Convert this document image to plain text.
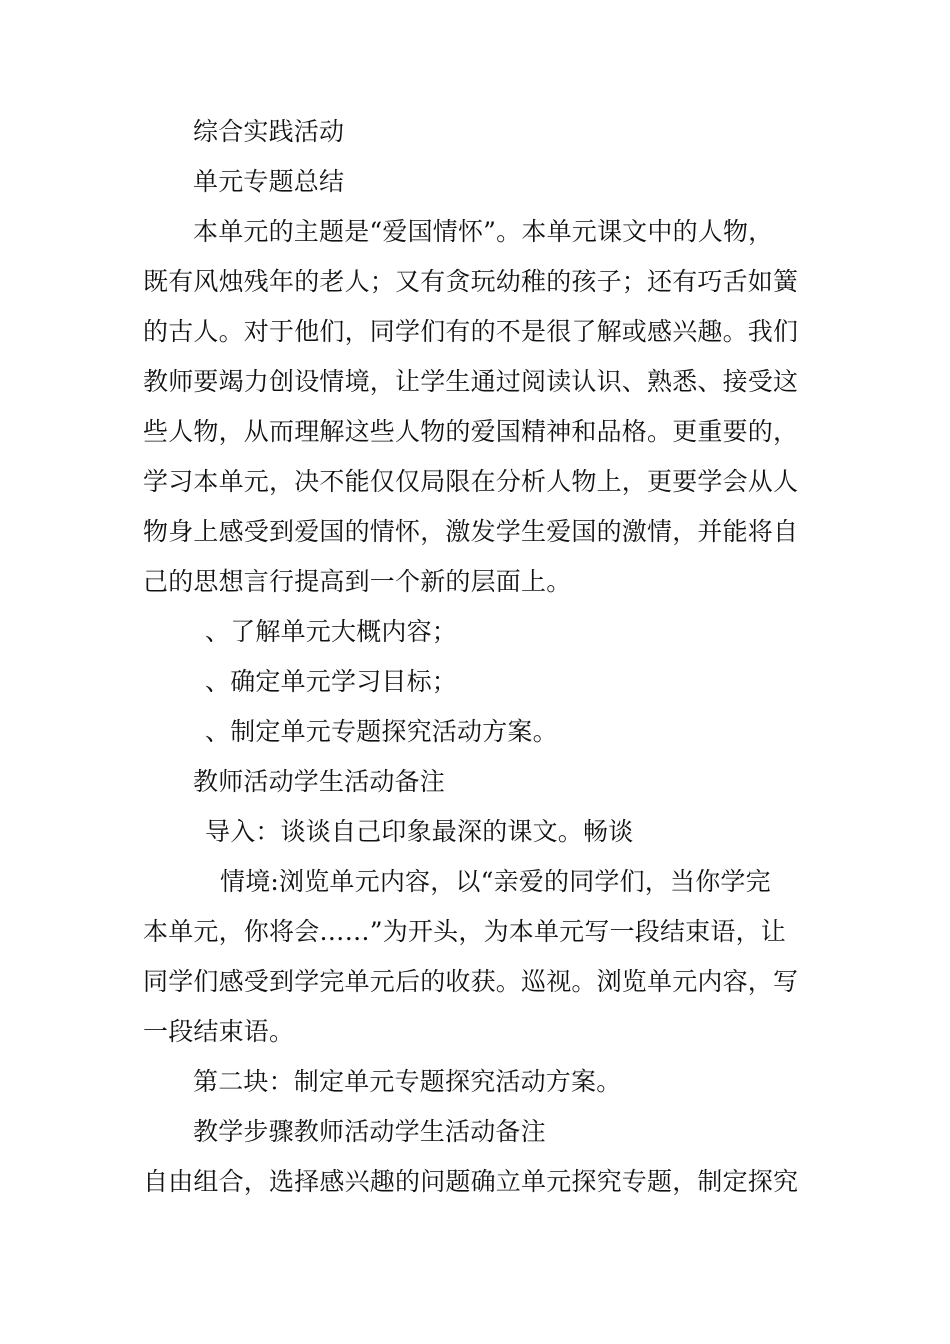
综合实践活动
单元专题总结
本单元的主题是“爱国情怀”。本单元课文中的人物，
既有风烛残年的老人；又有贪玩幼稚的孩子；还有巧舌如簧
的古人。对于他们，同学们有的不是很了解或感兴趣。我们
教师要竭力创设情境，让学生通过阅读认识、熟悉、接受这
些人物，从而理解这些人物的爱国精神和品格。更重要的，
学习本单元，决不能仅仅局限在分析人物上，更要学会从人
物身上感受到爱国的情怀，激发学生爱国的激情，并能将自
己的思想言行提高到一个新的层面上。
、了解单元大概内容；
、确定单元学习目标；
、制定单元专题探究活动方案。
教师活动学生活动备注
导入：谈谈自己印象最深的课文。畅谈
情境:浏览单元内容，以“亲爱的同学们，当你学完
本单元，你将会……”为开头，为本单元写一段结束语，让
同学们感受到学完单元后的收获。巡视。浏览单元内容，写
一段结束语。
第二块：制定单元专题探究活动方案。
教学步骤教师活动学生活动备注
自由组合，选择感兴趣的问题确立单元探究专题，制定探究
